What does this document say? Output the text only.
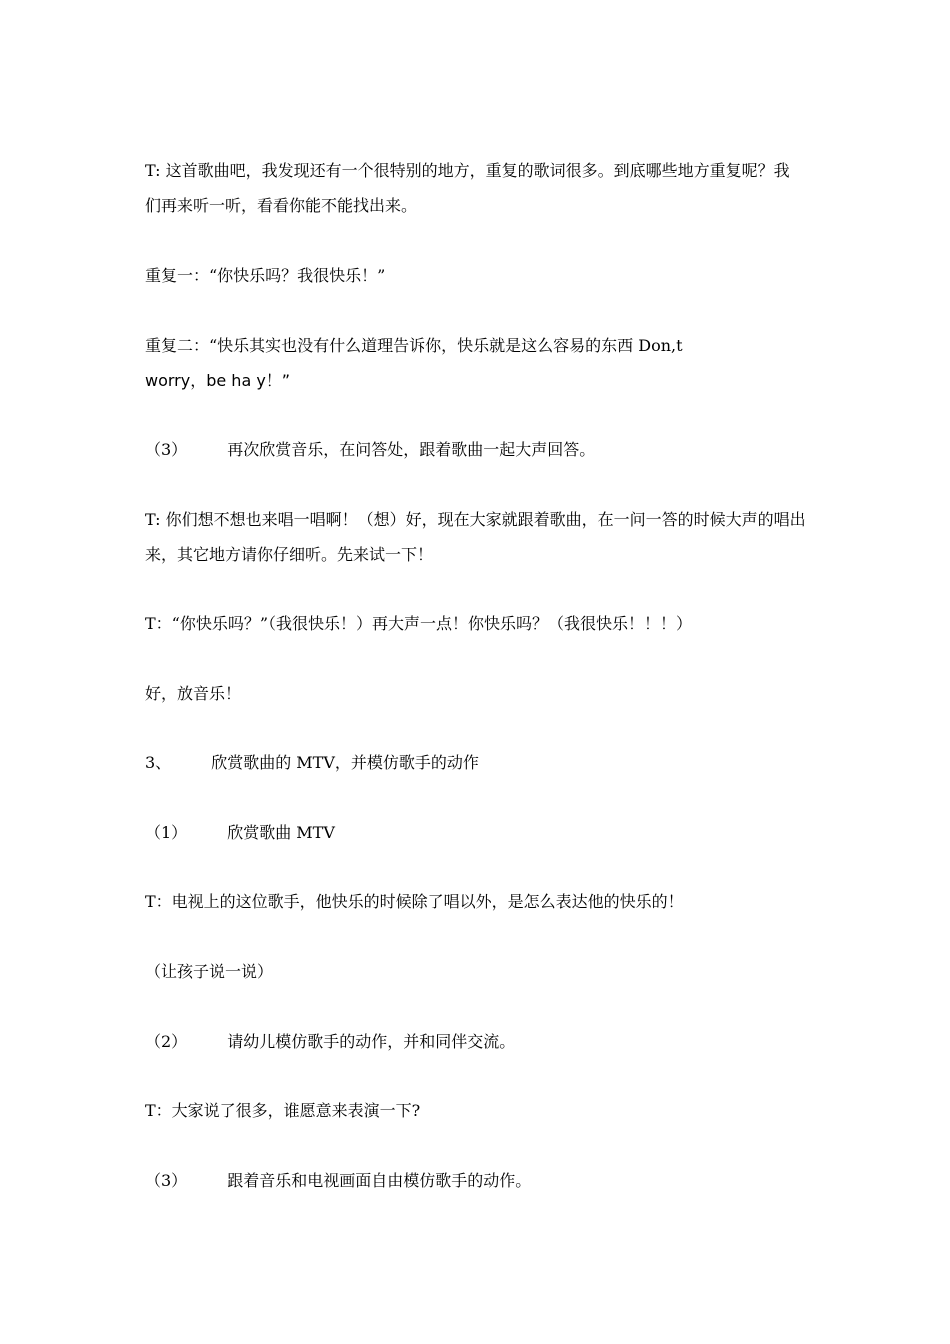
T: 这首歌曲吧，我发现还有一个很特别的地方，重复的歌词很多。到底哪些地方重复呢？我
们再来听一听，看看你能不能找出来。

重复一：“你快乐吗？我很快乐！”

重复二：“快乐其实也没有什么道理告诉你，快乐就是这么容易的东西 Don,t
worry，be ha y！”

（3）	再次欣赏音乐，在问答处，跟着歌曲一起大声回答。

T: 你们想不想也来唱一唱啊！（想）好，现在大家就跟着歌曲，在一问一答的时候大声的唱出
来，其它地方请你仔细听。先来试一下！

T：“你快乐吗？”（我很快乐！）再大声一点！你快乐吗？（我很快乐！！！）

好，放音乐！

3、	欣赏歌曲的 MTV，并模仿歌手的动作

（1）	欣赏歌曲 MTV

T：电视上的这位歌手，他快乐的时候除了唱以外，是怎么表达他的快乐的！

（让孩子说一说）

（2）	请幼儿模仿歌手的动作，并和同伴交流。

T：大家说了很多，谁愿意来表演一下?

（3）	跟着音乐和电视画面自由模仿歌手的动作。
